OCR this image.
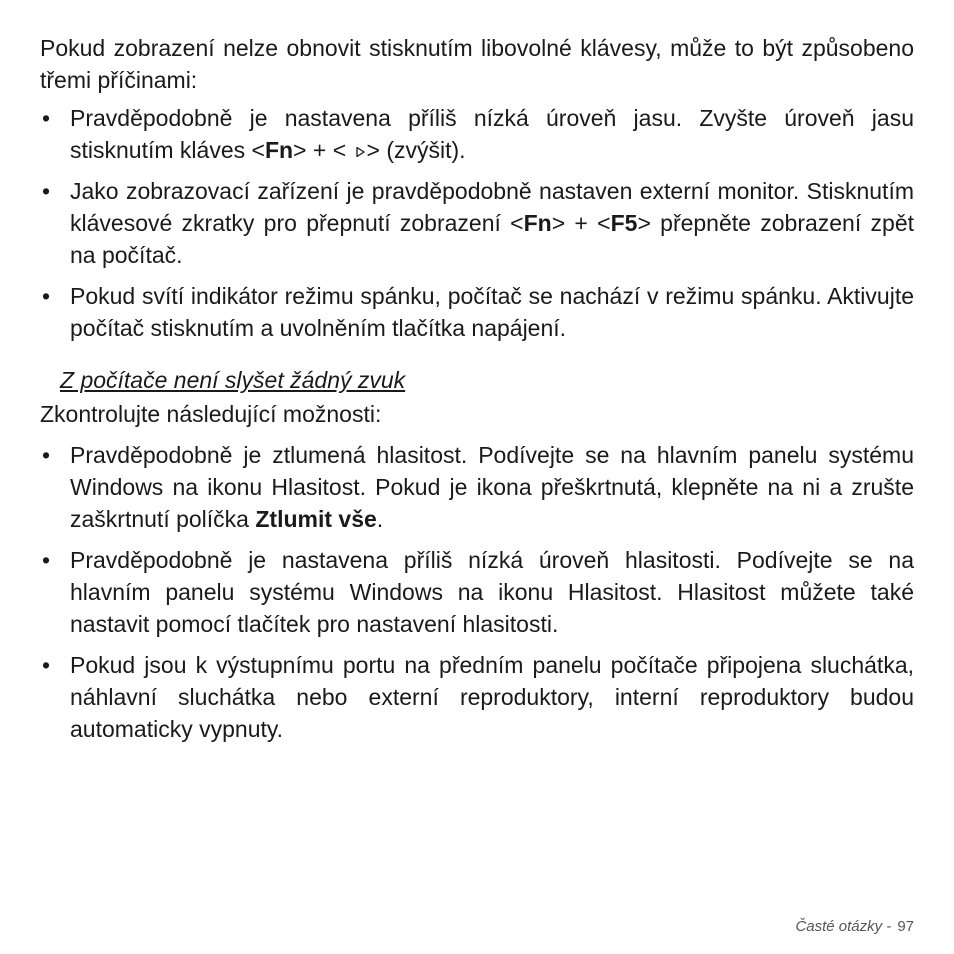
Pokud zobrazení nelze obnovit stisknutím libovolné klávesy, může to být způsobeno třemi příčinami:

• Pravděpodobně je nastavena příliš nízká úroveň jasu. Zvyšte úroveň jasu stisknutím kláves <Fn> + < > (zvýšit).
• Jako zobrazovací zařízení je pravděpodobně nastaven externí monitor. Stisknutím klávesové zkratky pro přepnutí zobrazení <Fn> + <F5> přepněte zobrazení zpět na počítač.
• Pokud svítí indikátor režimu spánku, počítač se nachází v režimu spánku. Aktivujte počítač stisknutím a uvolněním tlačítka napájení.

Z počítače není slyšet žádný zvuk

Zkontrolujte následující možnosti:

• Pravděpodobně je ztlumená hlasitost. Podívejte se na hlavním panelu systému Windows na ikonu Hlasitost. Pokud je ikona přeškrtnutá, klepněte na ni a zrušte zaškrtnutí políčka Ztlumit vše.
• Pravděpodobně je nastavena příliš nízká úroveň hlasitosti. Podívejte se na hlavním panelu systému Windows na ikonu Hlasitost. Hlasitost můžete také nastavit pomocí tlačítek pro nastavení hlasitosti.
• Pokud jsou k výstupnímu portu na předním panelu počítače připojena sluchátka, náhlavní sluchátka nebo externí reproduktory, interní reproduktory budou automaticky vypnuty.
Časté otázky - 97
